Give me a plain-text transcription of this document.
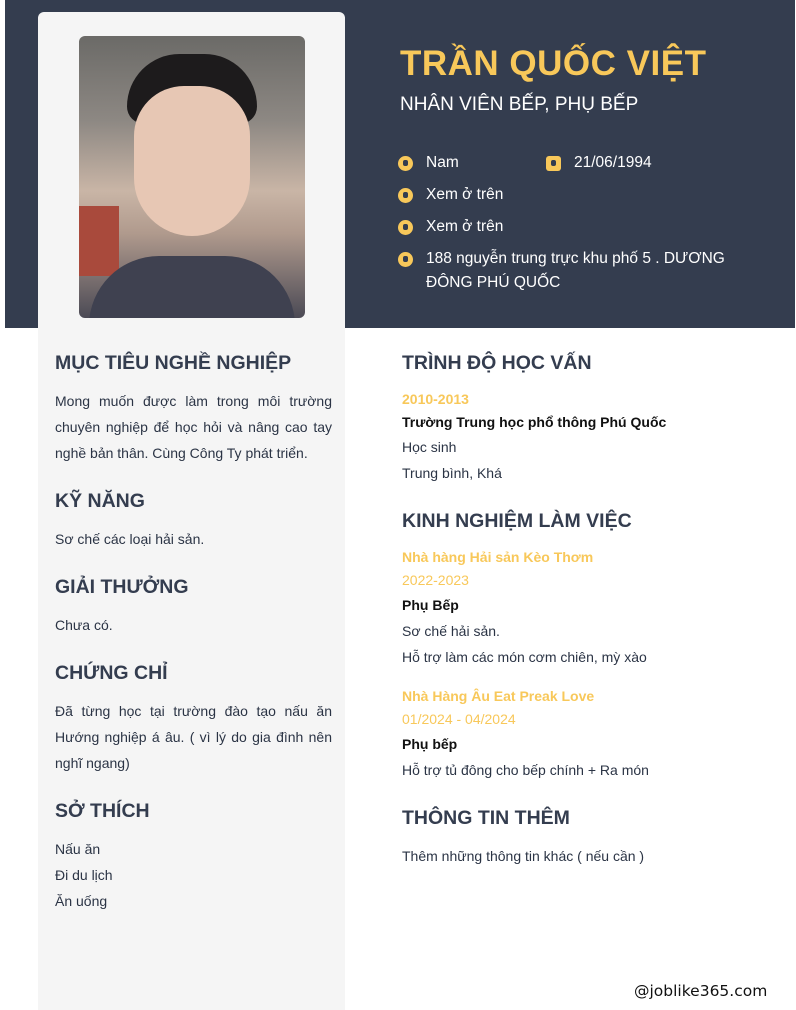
TRẦN QUỐC VIỆT
NHÂN VIÊN BẾP, PHỤ BẾP
Nam	21/06/1994
Xem ở trên
Xem ở trên
188 nguyễn trung trực khu phố 5 . DƯƠNG ĐÔNG PHÚ QUỐC
MỤC TIÊU NGHỀ NGHIỆP
Mong muốn được làm trong môi trường chuyên nghiệp để học hỏi và nâng cao tay nghề bản thân. Cùng Công Ty phát triển.
KỸ NĂNG
Sơ chế các loại hải sản.
GIẢI THƯỞNG
Chưa có.
CHỨNG CHỈ
Đã từng học tại trường đào tạo nấu ăn Hướng nghiệp á âu. ( vì lý do gia đình nên nghĩ ngang)
SỞ THÍCH
Nấu ăn
Đi du lịch
Ăn uống
TRÌNH ĐỘ HỌC VẤN
2010-2013
Trường Trung học phổ thông Phú Quốc
Học sinh
Trung bình, Khá
KINH NGHIỆM LÀM VIỆC
Nhà hàng Hải sản Kèo Thơm
2022-2023
Phụ Bếp
Sơ chế hải sản.
Hỗ trợ làm các món cơm chiên, mỳ xào
Nhà Hàng Âu Eat Preak Love
01/2024 - 04/2024
Phụ bếp
Hỗ trợ tủ đông cho bếp chính + Ra món
THÔNG TIN THÊM
Thêm những thông tin khác ( nếu cần )
@joblike365.com
